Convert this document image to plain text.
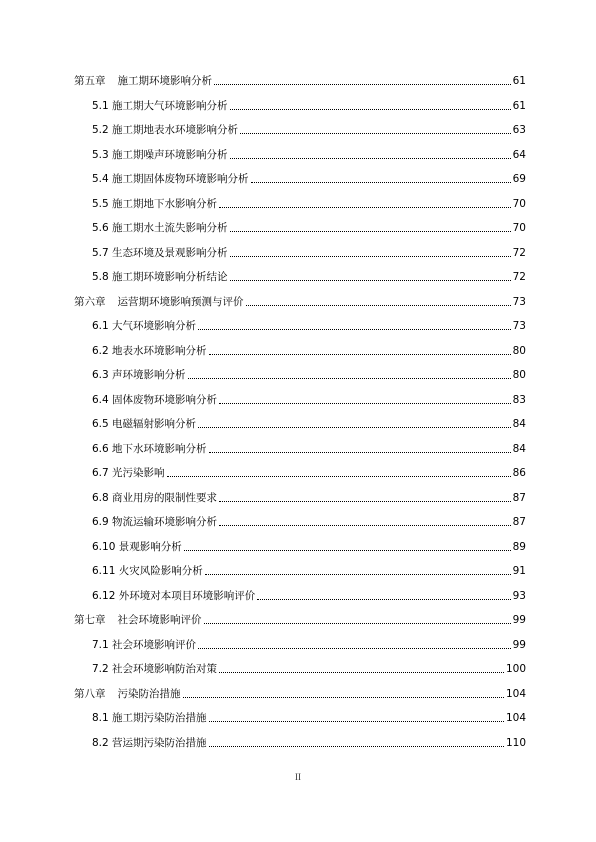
第五章 施工期环境影响分析	61
5.1 施工期大气环境影响分析	61
5.2 施工期地表水环境影响分析	63
5.3 施工期噪声环境影响分析	64
5.4 施工期固体废物环境影响分析	69
5.5 施工期地下水影响分析	70
5.6 施工期水土流失影响分析	70
5.7 生态环境及景观影响分析	72
5.8 施工期环境影响分析结论	72
第六章 运营期环境影响预测与评价	73
6.1 大气环境影响分析	73
6.2 地表水环境影响分析	80
6.3 声环境影响分析	80
6.4 固体废物环境影响分析	83
6.5 电磁辐射影响分析	84
6.6 地下水环境影响分析	84
6.7 光污染影响	86
6.8 商业用房的限制性要求	87
6.9 物流运输环境影响分析	87
6.10 景观影响分析	89
6.11 火灾风险影响分析	91
6.12 外环境对本项目环境影响评价	93
第七章 社会环境影响评价	99
7.1 社会环境影响评价	99
7.2 社会环境影响防治对策	100
第八章 污染防治措施	104
8.1 施工期污染防治措施	104
8.2 营运期污染防治措施	110
II
